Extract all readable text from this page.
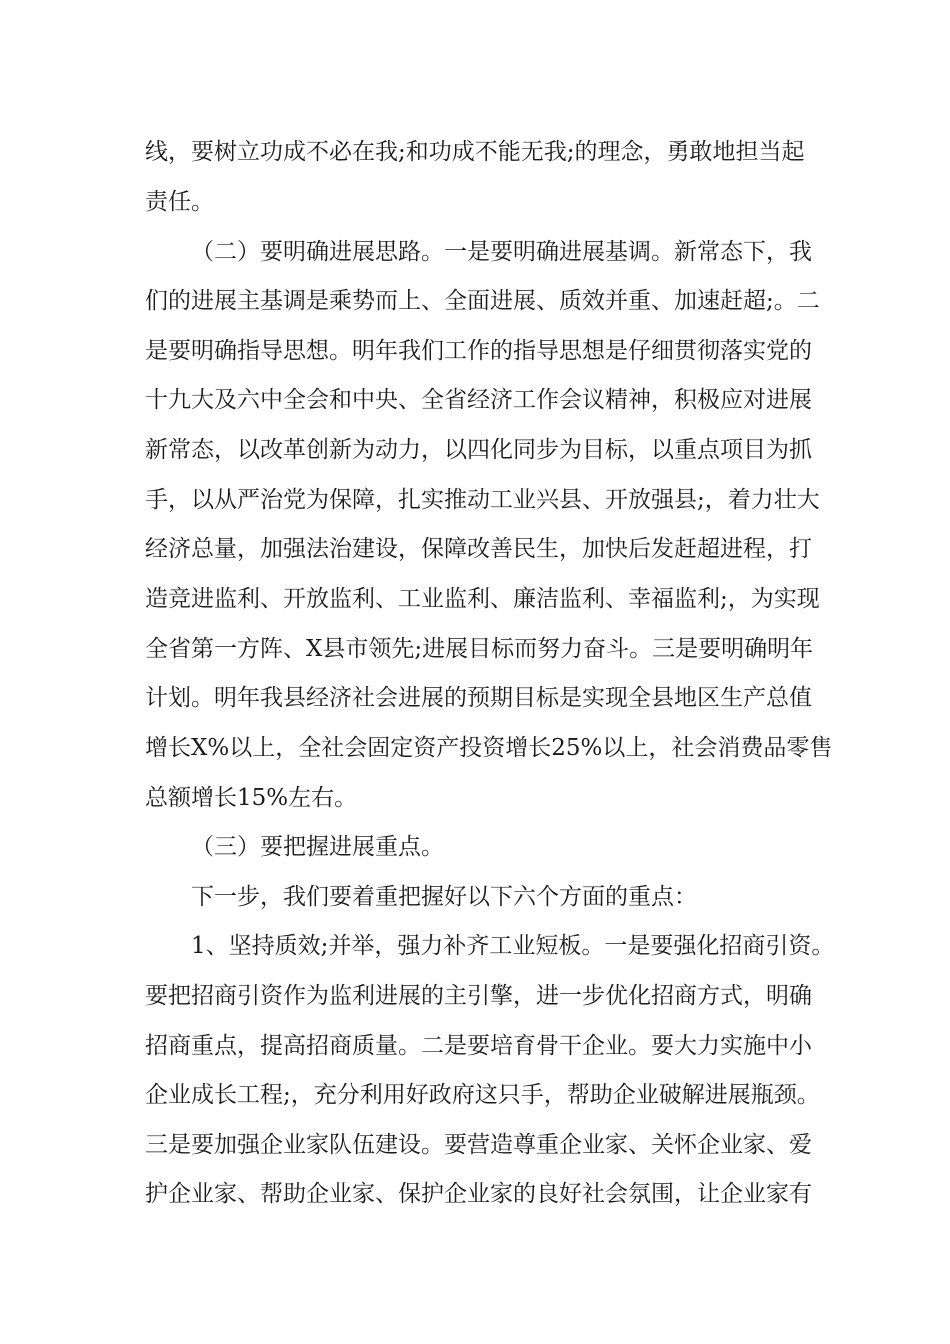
线，要树立功成不必在我;和功成不能无我;的理念，勇敢地担当起
责任。
（二）要明确进展思路。一是要明确进展基调。新常态下，我
们的进展主基调是乘势而上、全面进展、质效并重、加速赶超;。二
是要明确指导思想。明年我们工作的指导思想是仔细贯彻落实党的
十九大及六中全会和中央、全省经济工作会议精神，积极应对进展
新常态，以改革创新为动力，以四化同步为目标，以重点项目为抓
手，以从严治党为保障，扎实推动工业兴县、开放强县;，着力壮大
经济总量，加强法治建设，保障改善民生，加快后发赶超进程，打
造竞进监利、开放监利、工业监利、廉洁监利、幸福监利;，为实现
全省第一方阵、X县市领先;进展目标而努力奋斗。三是要明确明年
计划。明年我县经济社会进展的预期目标是实现全县地区生产总值
增长X%以上，全社会固定资产投资增长25%以上，社会消费品零售
总额增长15%左右。
（三）要把握进展重点。
下一步，我们要着重把握好以下六个方面的重点：
1、坚持质效;并举，强力补齐工业短板。一是要强化招商引资。
要把招商引资作为监利进展的主引擎，进一步优化招商方式，明确
招商重点，提高招商质量。二是要培育骨干企业。要大力实施中小
企业成长工程;，充分利用好政府这只手，帮助企业破解进展瓶颈。
三是要加强企业家队伍建设。要营造尊重企业家、关怀企业家、爱
护企业家、帮助企业家、保护企业家的良好社会氛围，让企业家有
